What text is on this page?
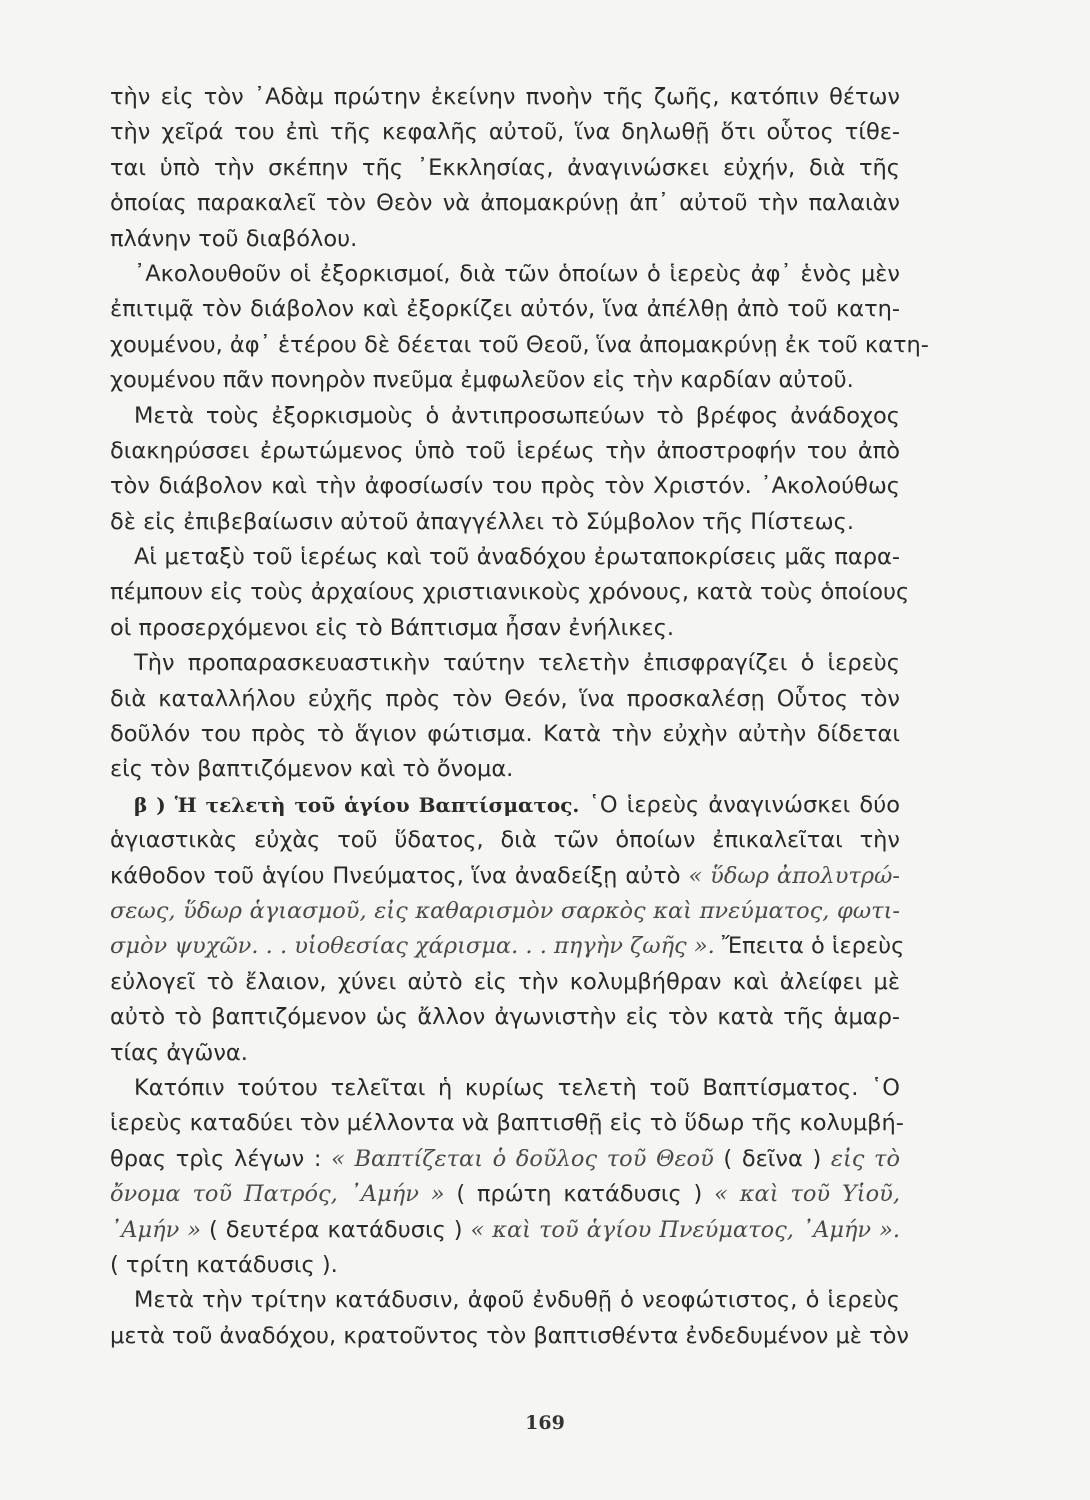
τὴν εἰς τὸν ᾿Αδὰμ πρώτην ἐκείνην πνοὴν τῆς ζωῆς, κατόπιν θέτων
τὴν χεῖρά του ἐπὶ τῆς κεφαλῆς αὐτοῦ, ἵνα δηλωθῇ ὅτι οὗτος τίθε-
ται ὑπὸ τὴν σκέπην τῆς ᾿Εκκλησίας, ἀναγινώσκει εὐχήν, διὰ τῆς
ὁποίας παρακαλεῖ τὸν Θεὸν νὰ ἀπομακρύνῃ ἀπ᾿ αὐτοῦ τὴν παλαιὰν
πλάνην τοῦ διαβόλου.
᾿Ακολουθοῦν οἱ ἐξορκισμοί, διὰ τῶν ὁποίων ὁ ἱερεὺς ἀφ᾿ ἑνὸς μὲν
ἐπιτιμᾷ τὸν διάβολον καὶ ἐξορκίζει αὐτόν, ἵνα ἀπέλθῃ ἀπὸ τοῦ κατη-
χουμένου, ἀφ᾿ ἑτέρου δὲ δέεται τοῦ Θεοῦ, ἵνα ἀπομακρύνῃ ἐκ τοῦ κατη-
χουμένου πᾶν πονηρὸν πνεῦμα ἐμφωλεῦον εἰς τὴν καρδίαν αὐτοῦ.
Μετὰ τοὺς ἐξορκισμοὺς ὁ ἀντιπροσωπεύων τὸ βρέφος ἀνάδοχος
διακηρύσσει ἐρωτώμενος ὑπὸ τοῦ ἱερέως τὴν ἀποστροφήν του ἀπὸ
τὸν διάβολον καὶ τὴν ἀφοσίωσίν του πρὸς τὸν Χριστόν. ᾿Ακολούθως
δὲ εἰς ἐπιβεβαίωσιν αὐτοῦ ἀπαγγέλλει τὸ Σύμβολον τῆς Πίστεως.
Αἱ μεταξὺ τοῦ ἱερέως καὶ τοῦ ἀναδόχου ἐρωταποκρίσεις μᾶς παρα-
πέμπουν εἰς τοὺς ἀρχαίους χριστιανικοὺς χρόνους, κατὰ τοὺς ὁποίους
οἱ προσερχόμενοι εἰς τὸ Βάπτισμα ἦσαν ἐνήλικες.
Τὴν προπαρασκευαστικὴν ταύτην τελετὴν ἐπισφραγίζει ὁ ἱερεὺς
διὰ καταλλήλου εὐχῆς πρὸς τὸν Θεόν, ἵνα προσκαλέσῃ Οὗτος τὸν
δοῦλόν του πρὸς τὸ ἅγιον φώτισμα. Κατὰ τὴν εὐχὴν αὐτὴν δίδεται
εἰς τὸν βαπτιζόμενον καὶ τὸ ὄνομα.
β ) Ἡ τελετὴ τοῦ ἁγίου Βαπτίσματος. ῾Ο ἱερεὺς ἀναγινώσκει δύο
ἁγιαστικὰς εὐχὰς τοῦ ὕδατος, διὰ τῶν ὁποίων ἐπικαλεῖται τὴν
κάθοδον τοῦ ἁγίου Πνεύματος, ἵνα ἀναδείξῃ αὐτὸ « ὕδωρ ἀπολυτρώ-
σεως, ὕδωρ ἁγιασμοῦ, εἰς καθαρισμὸν σαρκὸς καὶ πνεύματος, φωτι-
σμὸν ψυχῶν. . . υἱοθεσίας χάρισμα. . . πηγὴν ζωῆς ». Ἔπειτα ὁ ἱερεὺς
εὐλογεῖ τὸ ἔλαιον, χύνει αὐτὸ εἰς τὴν κολυμβήθραν καὶ ἀλείφει μὲ
αὐτὸ τὸ βαπτιζόμενον ὡς ἄλλον ἀγωνιστὴν εἰς τὸν κατὰ τῆς ἁμαρ-
τίας ἀγῶνα.
Κατόπιν τούτου τελεῖται ἡ κυρίως τελετὴ τοῦ Βαπτίσματος. ῾Ο
ἱερεὺς καταδύει τὸν μέλλοντα νὰ βαπτισθῇ εἰς τὸ ὕδωρ τῆς κολυμβή-
θρας τρὶς λέγων : « Βαπτίζεται ὁ δοῦλος τοῦ Θεοῦ ( δεῖνα ) εἰς τὸ
ὄνομα τοῦ Πατρός, ᾿Αμήν » ( πρώτη κατάδυσις ) « καὶ τοῦ Υἱοῦ,
᾿Αμήν » ( δευτέρα κατάδυσις ) « καὶ τοῦ ἁγίου Πνεύματος, ᾿Αμήν ».
( τρίτη κατάδυσις ).
Μετὰ τὴν τρίτην κατάδυσιν, ἀφοῦ ἐνδυθῇ ὁ νεοφώτιστος, ὁ ἱερεὺς
μετὰ τοῦ ἀναδόχου, κρατοῦντος τὸν βαπτισθέντα ἐνδεδυμένον μὲ τὸν
169
